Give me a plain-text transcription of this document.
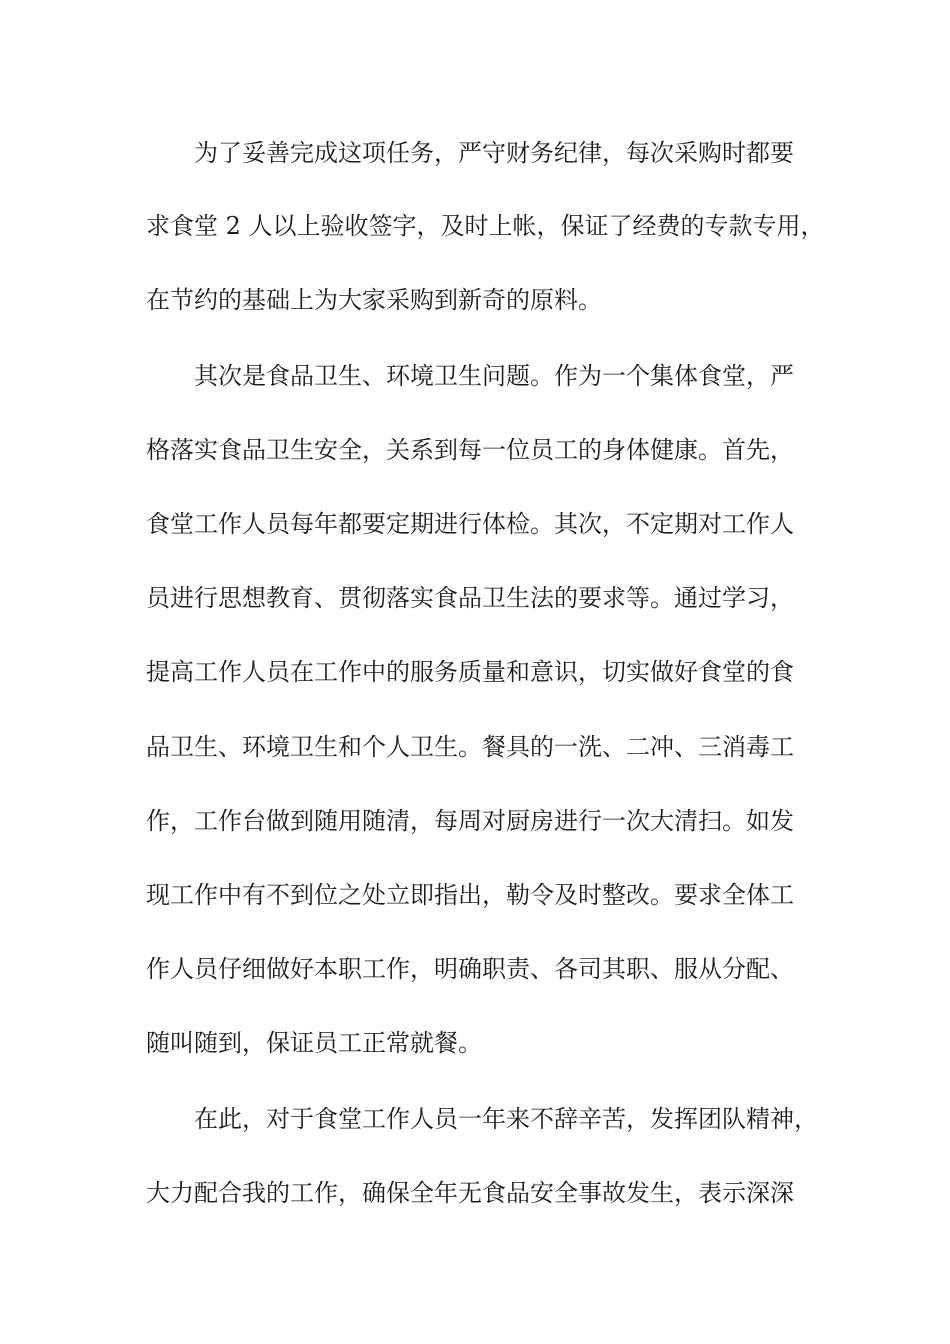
为了妥善完成这项任务，严守财务纪律，每次采购时都要

求食堂 2 人以上验收签字，及时上帐，保证了经费的专款专用，

在节约的基础上为大家采购到新奇的原料。

其次是食品卫生、环境卫生问题。作为一个集体食堂，严

格落实食品卫生安全，关系到每一位员工的身体健康。首先，

食堂工作人员每年都要定期进行体检。其次，不定期对工作人

员进行思想教育、贯彻落实食品卫生法的要求等。通过学习，

提高工作人员在工作中的服务质量和意识，切实做好食堂的食

品卫生、环境卫生和个人卫生。餐具的一洗、二冲、三消毒工

作，工作台做到随用随清，每周对厨房进行一次大清扫。如发

现工作中有不到位之处立即指出，勒令及时整改。要求全体工

作人员仔细做好本职工作，明确职责、各司其职、服从分配、

随叫随到，保证员工正常就餐。

在此，对于食堂工作人员一年来不辞辛苦，发挥团队精神，

大力配合我的工作，确保全年无食品安全事故发生，表示深深
